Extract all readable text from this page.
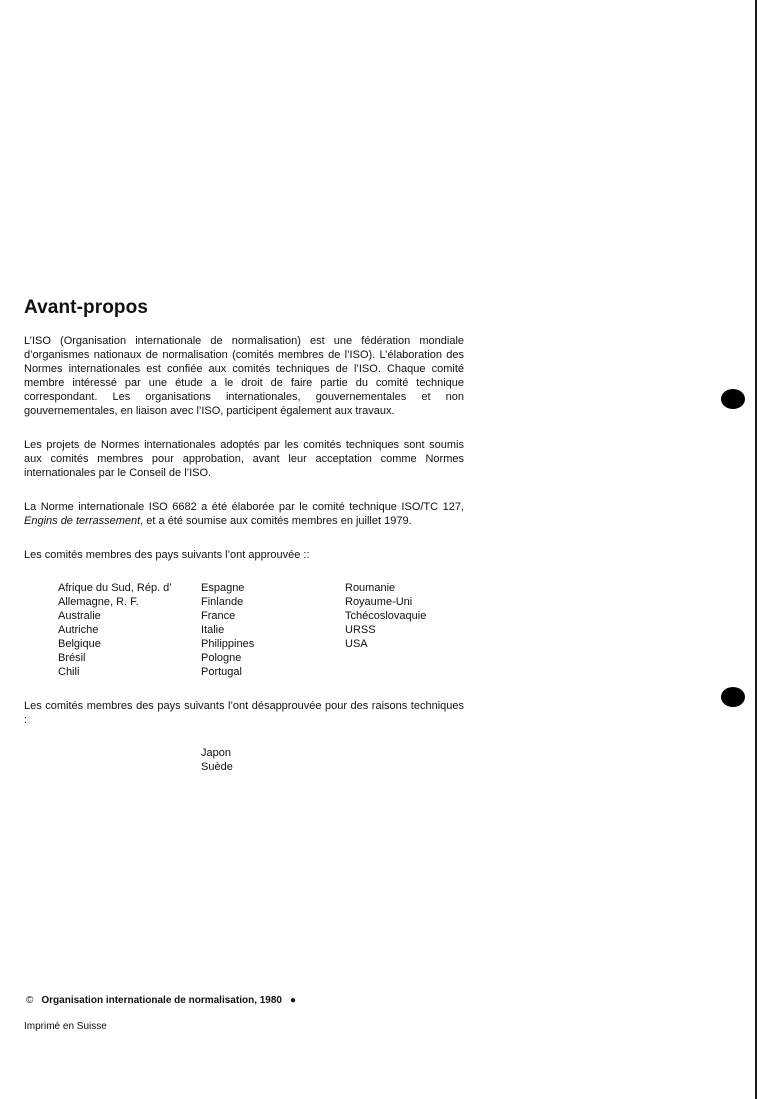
Avant-propos

L’ISO (Organisation internationale de normalisation) est une fédération mondiale d’organismes nationaux de normalisation (comités membres de l’ISO). L’élaboration des Normes internationales est confiée aux comités techniques de l’ISO. Chaque comité membre intéressé par une étude a le droit de faire partie du comité technique correspondant. Les organisations internationales, gouvernementales et non gouvernementales, en liaison avec l’ISO, participent également aux travaux.

Les projets de Normes internationales adoptés par les comités techniques sont soumis aux comités membres pour approbation, avant leur acceptation comme Normes internationales par le Conseil de l’ISO.

La Norme internationale ISO 6682 a été élaborée par le comité technique ISO/TC 127, Engins de terrassement, et a été soumise aux comités membres en juillet 1979.

Les comités membres des pays suivants l’ont approuvée ::

Afrique du Sud, Rép. d’
Allemagne, R. F.
Australie
Autriche
Belgique
Brésil
Chili
Espagne
Finlande
France
Italie
Philippines
Pologne
Portugal
Roumanie
Royaume-Uni
Tchécoslovaquie
URSS
USA

Les comités membres des pays suivants l’ont désapprouvée pour des raisons techniques :

Japon
Suède

© Organisation internationale de normalisation, 1980 ●

Imprimé en Suisse
